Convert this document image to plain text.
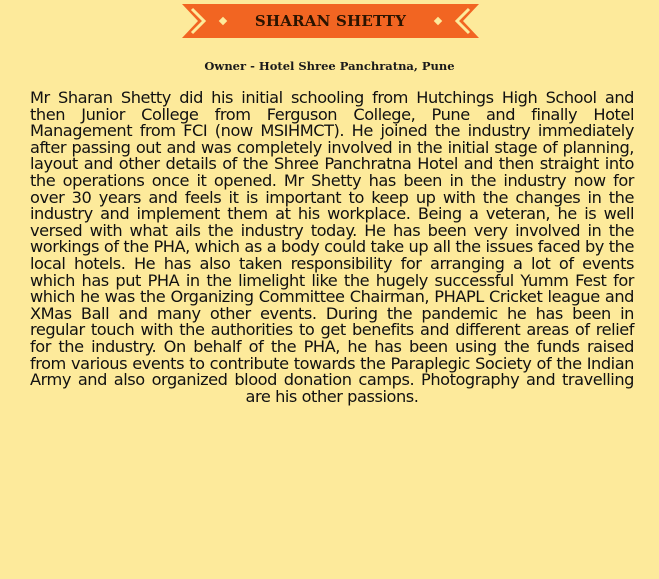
SHARAN SHETTY
Owner - Hotel Shree Panchratna, Pune

Mr Sharan Shetty did his initial schooling from Hutchings High School and then Junior College from Ferguson College, Pune and finally Hotel Management from FCI (now MSIHMCT). He joined the industry immediately after passing out and was completely involved in the initial stage of planning, layout and other details of the Shree Panchratna Hotel and then straight into the operations once it opened. Mr Shetty has been in the industry now for over 30 years and feels it is important to keep up with the changes in the industry and implement them at his workplace. Being a veteran, he is well versed with what ails the industry today. He has been very involved in the workings of the PHA, which as a body could take up all the issues faced by the local hotels. He has also taken responsibility for arranging a lot of events which has put PHA in the limelight like the hugely successful Yumm Fest for which he was the Organizing Committee Chairman, PHAPL Cricket league and XMas Ball and many other events. During the pandemic he has been in regular touch with the authorities to get benefits and different areas of relief for the industry. On behalf of the PHA, he has been using the funds raised from various events to contribute towards the Paraplegic Society of the Indian Army and also organized blood donation camps. Photography and travelling are his other passions.
